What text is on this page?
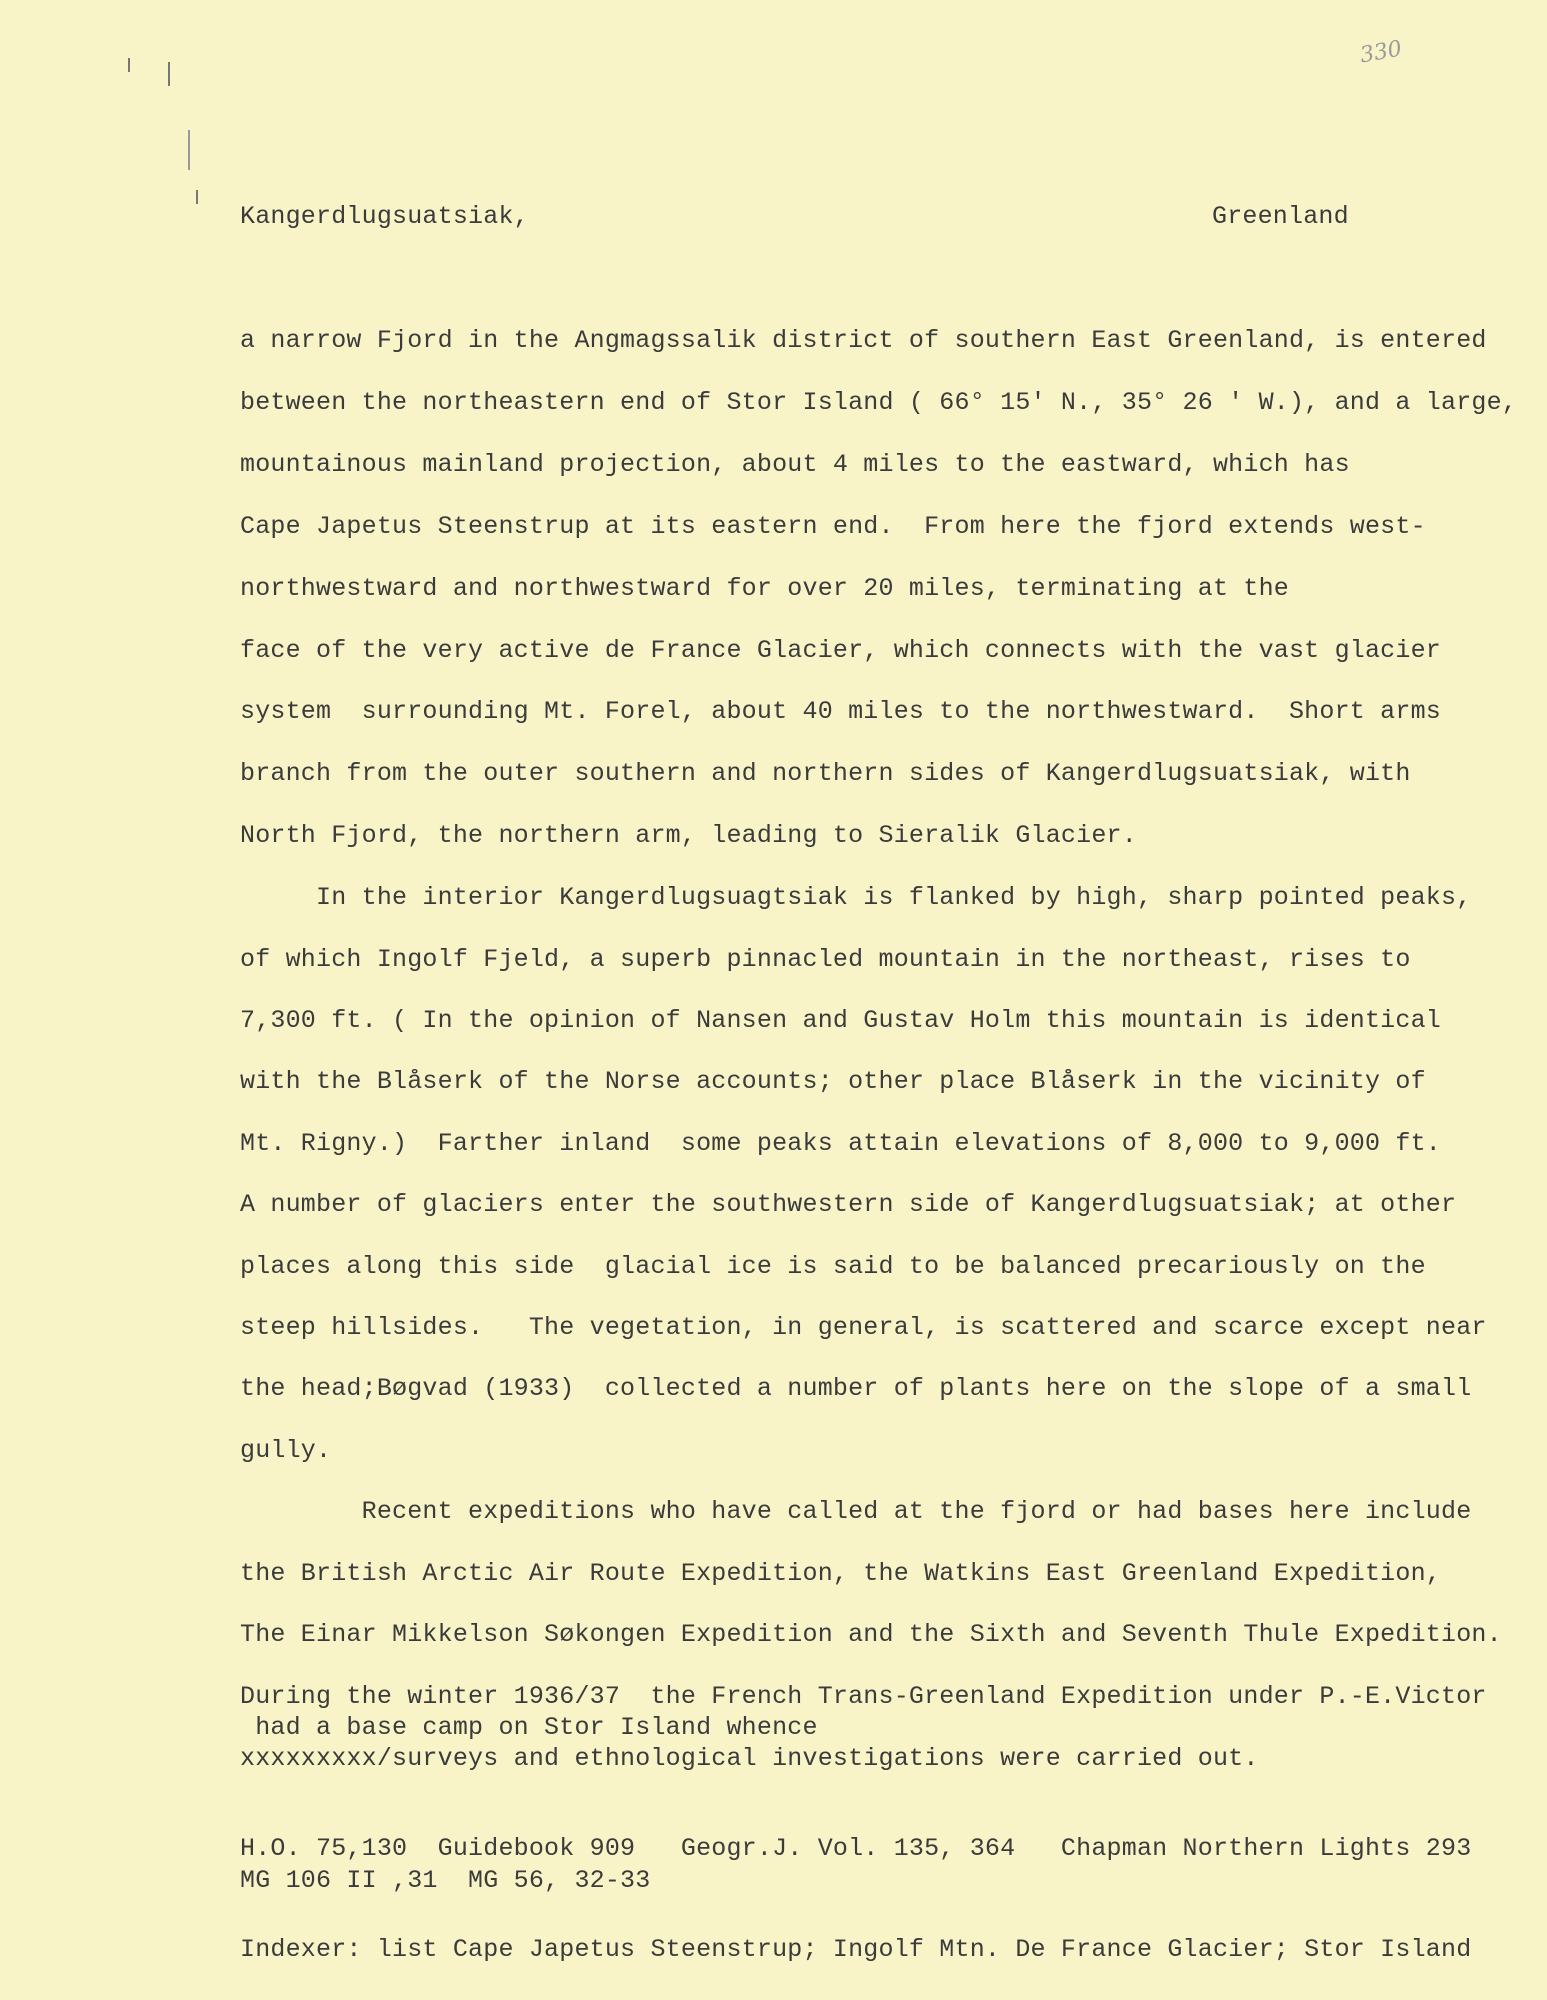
330
Kangerdlugsuatsiak,	Greenland
a narrow Fjord in the Angmagssalik district of southern East Greenland, is entered
between the northeastern end of Stor Island ( 66° 15' N., 35° 26 ' W.), and a large,
mountainous mainland projection, about 4 miles to the eastward, which has
Cape Japetus Steenstrup at its eastern end.  From here the fjord extends west-
northwestward and northwestward for over 20 miles, terminating at the
face of the very active de France Glacier, which connects with the vast glacier
system  surrounding Mt. Forel, about 40 miles to the northwestward.  Short arms
branch from the outer southern and northern sides of Kangerdlugsuatsiak, with
North Fjord, the northern arm, leading to Sieralik Glacier.
In the interior Kangerdlugsuagtsiak is flanked by high, sharp pointed peaks,
of which Ingolf Fjeld, a superb pinnacled mountain in the northeast, rises to
7,300 ft. ( In the opinion of Nansen and Gustav Holm this mountain is identical
with the Blåserk of the Norse accounts; other place Blåserk in the vicinity of
Mt. Rigny.)  Farther inland  some peaks attain elevations of 8,000 to 9,000 ft.
A number of glaciers enter the southwestern side of Kangerdlugsuatsiak; at other
places along this side  glacial ice is said to be balanced precariously on the
steep hillsides.   The vegetation, in general, is scattered and scarce except near
the head;Bøgvad (1933)  collected a number of plants here on the slope of a small
gully.
Recent expeditions who have called at the fjord or had bases here include
the British Arctic Air Route Expedition, the Watkins East Greenland Expedition,
The Einar Mikkelson Søkongen Expedition and the Sixth and Seventh Thule Expedition.
During the winter 1936/37  the French Trans-Greenland Expedition under P.-E.Victor
had a base camp on Stor Island whence
xxxxxxxxx/surveys and ethnological investigations were carried out.
H.O. 75,130  Guidebook 909   Geogr.J. Vol. 135, 364   Chapman Northern Lights 293
MG 106 II ,31  MG 56, 32-33
Indexer: list Cape Japetus Steenstrup; Ingolf Mtn. De France Glacier; Stor Island
